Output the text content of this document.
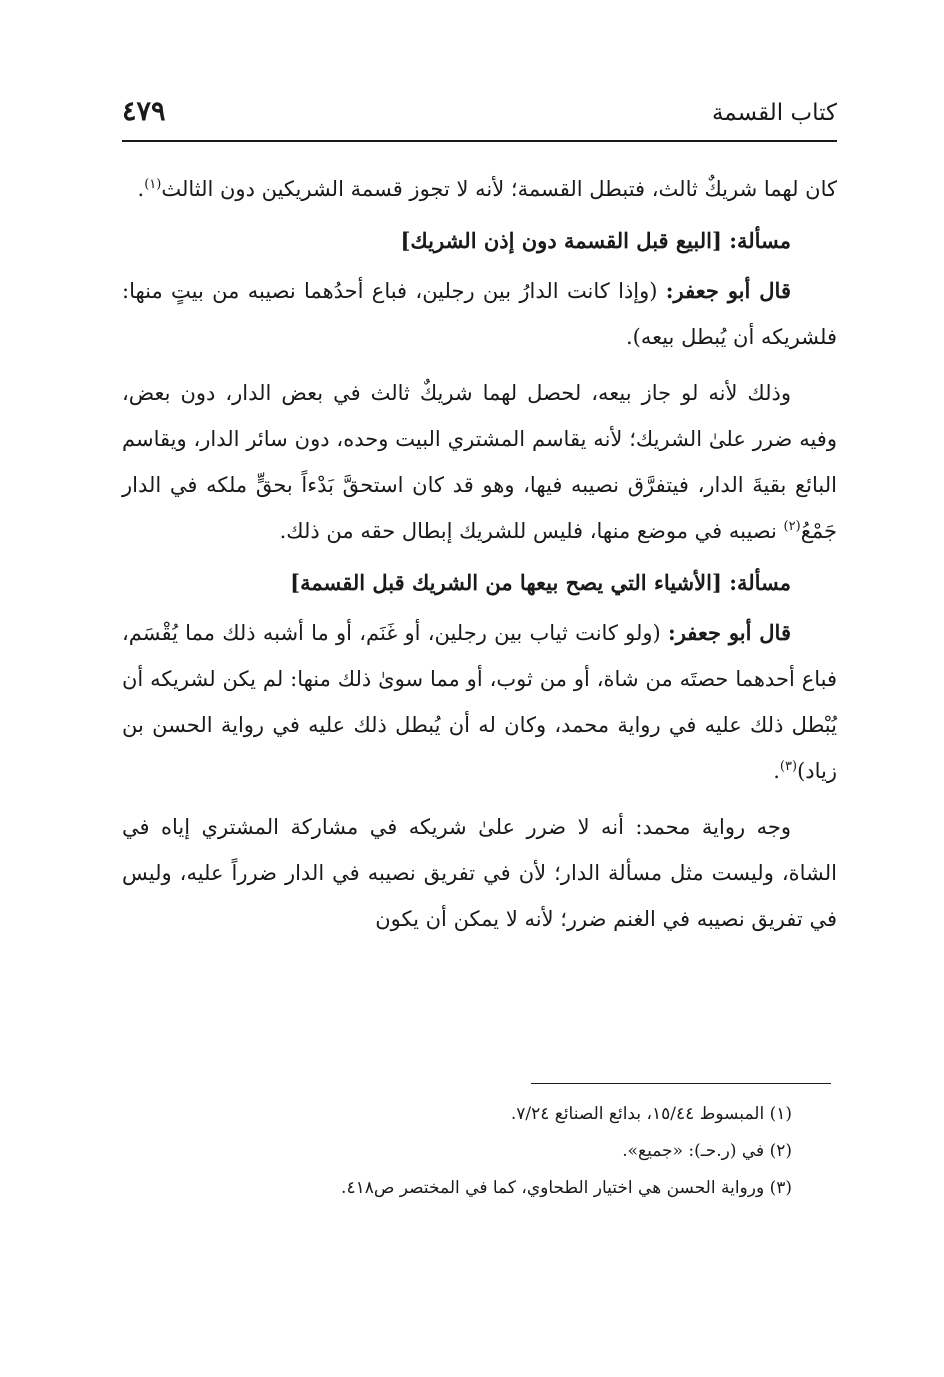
كتاب القسمة
٤٧٩

كان لهما شريكٌ ثالث، فتبطل القسمة؛ لأنه لا تجوز قسمة الشريكين دون الثالث$^{(١)}$.

مسألة: [البيع قبل القسمة دون إذن الشريك]

قال أبو جعفر: (وإذا كانت الدارُ بين رجلين، فباع أحدُهما نصيبه من بيتٍ منها: فلشريكه أن يُبطل بيعه).

وذلك لأنه لو جاز بيعه، لحصل لهما شريكٌ ثالث في بعض الدار، دون بعض، وفيه ضرر علىٰ الشريك؛ لأنه يقاسم المشتري البيت وحده، دون سائر الدار، ويقاسم البائع بقيةَ الدار، فيتفرَّق نصيبه فيها، وهو قد كان استحقَّ بَدْءاً بحقٍّ ملكه في الدار جَمْعُ$^{(٢)}$ نصيبه في موضع منها، فليس للشريك إبطال حقه من ذلك.

مسألة: [الأشياء التي يصح بيعها من الشريك قبل القسمة]

قال أبو جعفر: (ولو كانت ثياب بين رجلين، أو غَنَم، أو ما أشبه ذلك مما يُقْسَم، فباع أحدهما حصتَه من شاة، أو من ثوب، أو مما سوىٰ ذلك منها: لم يكن لشريكه أن يُبْطل ذلك عليه في رواية محمد، وكان له أن يُبطل ذلك عليه في رواية الحسن بن زياد)$^{(٣)}$.

وجه رواية محمد: أنه لا ضرر علىٰ شريكه في مشاركة المشتري إياه في الشاة، وليست مثل مسألة الدار؛ لأن في تفريق نصيبه في الدار ضرراً عليه، وليس في تفريق نصيبه في الغنم ضرر؛ لأنه لا يمكن أن يكون

(١) المبسوط ١٥/٤٤، بدائع الصنائع ٧/٢٤.

(٢) في (ر.حـ): «جميع».

(٣) ورواية الحسن هي اختيار الطحاوي، كما في المختصر ص٤١٨.
